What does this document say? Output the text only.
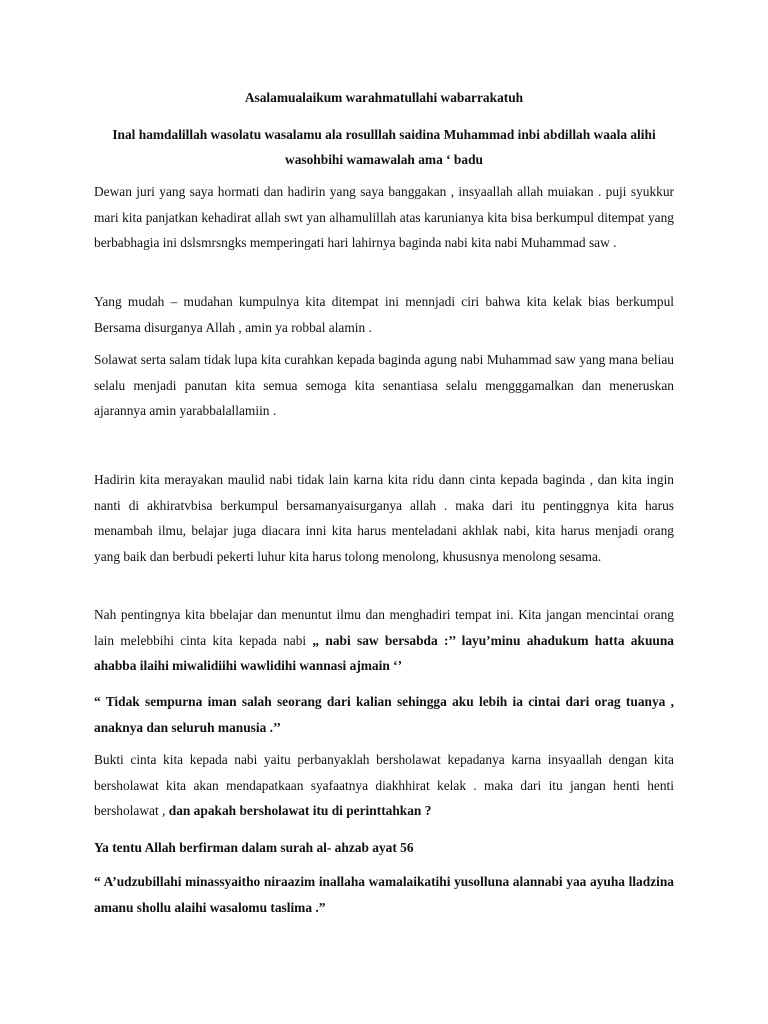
Asalamualaikum warahmatullahi wabarrakatuh
Inal hamdalillah wasolatu wasalamu ala rosulllah saidina Muhammad inbi abdillah waala alihi wasohbihi wamawalah ama ‘ badu
Dewan juri yang saya hormati dan hadirin yang saya banggakan , insyaallah allah muiakan . puji syukkur mari kita panjatkan kehadirat allah swt yan alhamulillah atas karunianya kita bisa berkumpul ditempat yang berbabhagia ini dslsmrsngks memperingati hari lahirnya baginda nabi kita nabi Muhammad saw .
Yang mudah – mudahan kumpulnya kita ditempat ini mennjadi ciri bahwa kita kelak bias berkumpul Bersama disurganya Allah , amin ya robbal alamin .
Solawat serta salam tidak lupa kita curahkan kepada baginda agung nabi Muhammad saw yang mana beliau selalu menjadi panutan kita semua semoga kita senantiasa selalu mengggamalkan dan meneruskan ajarannya amin yarabbalallamiin .
Hadirin kita merayakan maulid nabi tidak lain karna kita ridu dann cinta kepada baginda , dan kita ingin nanti di akhiratvbisa berkumpul bersamanyaisurganya allah . maka dari itu pentinggnya kita harus menambah ilmu, belajar juga diacara inni kita harus menteladani akhlak nabi, kita harus menjadi orang yang baik dan berbudi pekerti luhur kita harus tolong menolong, khususnya menolong sesama.
Nah pentingnya kita bbelajar dan menuntut ilmu dan menghadiri tempat ini. Kita jangan mencintai orang lain melebbihi cinta kita kepada nabi „ nabi saw bersabda :’’ layu’minu ahadukum hatta akuuna ahabba ilaihi miwalidiihi wawlidihi wannasi ajmain ‘’
“ Tidak sempurna iman salah seorang dari kalian sehingga aku lebih ia cintai dari orag tuanya , anaknya dan seluruh manusia .’’
Bukti cinta kita kepada nabi yaitu perbanyaklah bersholawat kepadanya karna insyaallah dengan kita bersholawat kita akan mendapatkaan syafaatnya diakhhirat kelak . maka dari itu jangan henti henti bersholawat , dan apakah bersholawat itu di perinttahkan ?
Ya tentu Allah berfirman dalam surah al- ahzab ayat 56
“ A’udzubillahi minassyaitho niraazim inallaha wamalaikatihi yusolluna alannabi yaa ayuha lladzina amanu shollu alaihi wasalomu taslima .”
